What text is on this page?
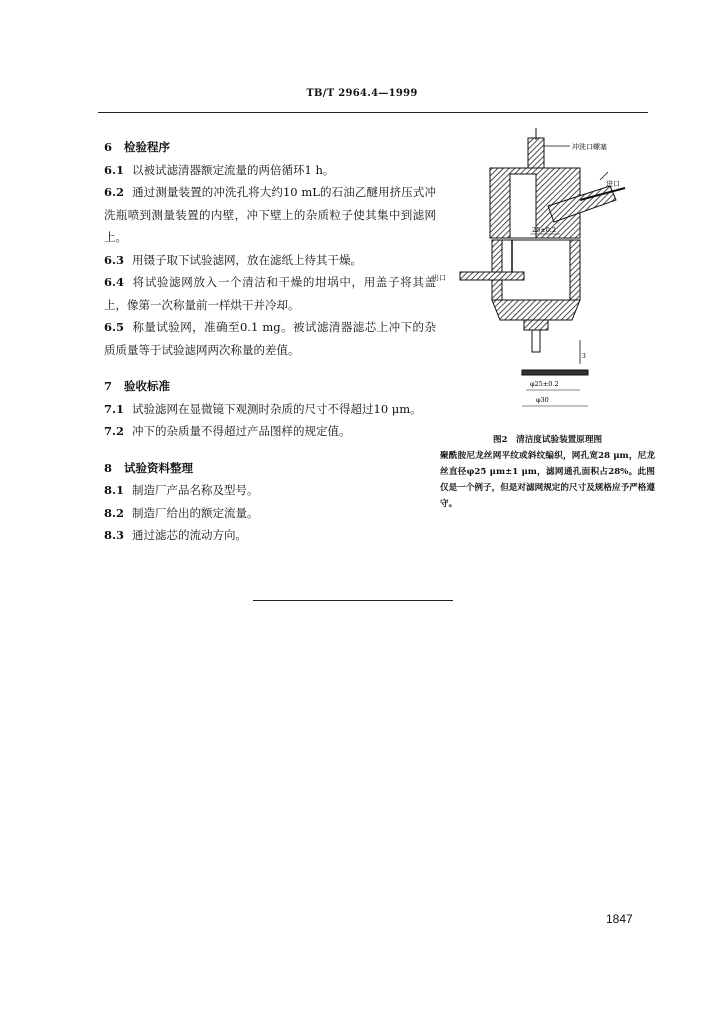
TB/T 2964.4—1999
6 检验程序
6.1 以被试滤清器额定流量的两倍循环1 h。
6.2 通过测量装置的冲洗孔将大约10 mL的石油乙醚用挤压式冲洗瓶喷到测量装置的内壁，冲下壁上的杂质粒子使其集中到滤网上。
6.3 用镊子取下试验滤网，放在滤纸上待其干燥。
6.4 将试验滤网放入一个清洁和干燥的坩埚中，用盖子将其盖上，像第一次称量前一样烘干并冷却。
6.5 称量试验网，准确至0.1 mg。被试滤清器滤芯上冲下的杂质质量等于试验滤网两次称量的差值。
7 验收标准
7.1 试验滤网在显微镜下观测时杂质的尺寸不得超过10 μm。
7.2 冲下的杂质量不得超过产品图样的规定值。
8 试验资料整理
8.1 制造厂产品名称及型号。
8.2 制造厂给出的额定流量。
8.3 通过滤芯的流动方向。
冲洗口螺塞
进口
25±0.2
出口
3
φ25±0.2
φ30
图2　清洁度试验装置原理图
聚酰胺尼龙丝网平纹或斜纹编织，网孔宽28 μm，尼龙丝直径φ25 μm±1 μm，滤网通孔面积占28%。此图仅是一个例子，但是对滤网规定的尺寸及规格应予严格遵守。
1847
